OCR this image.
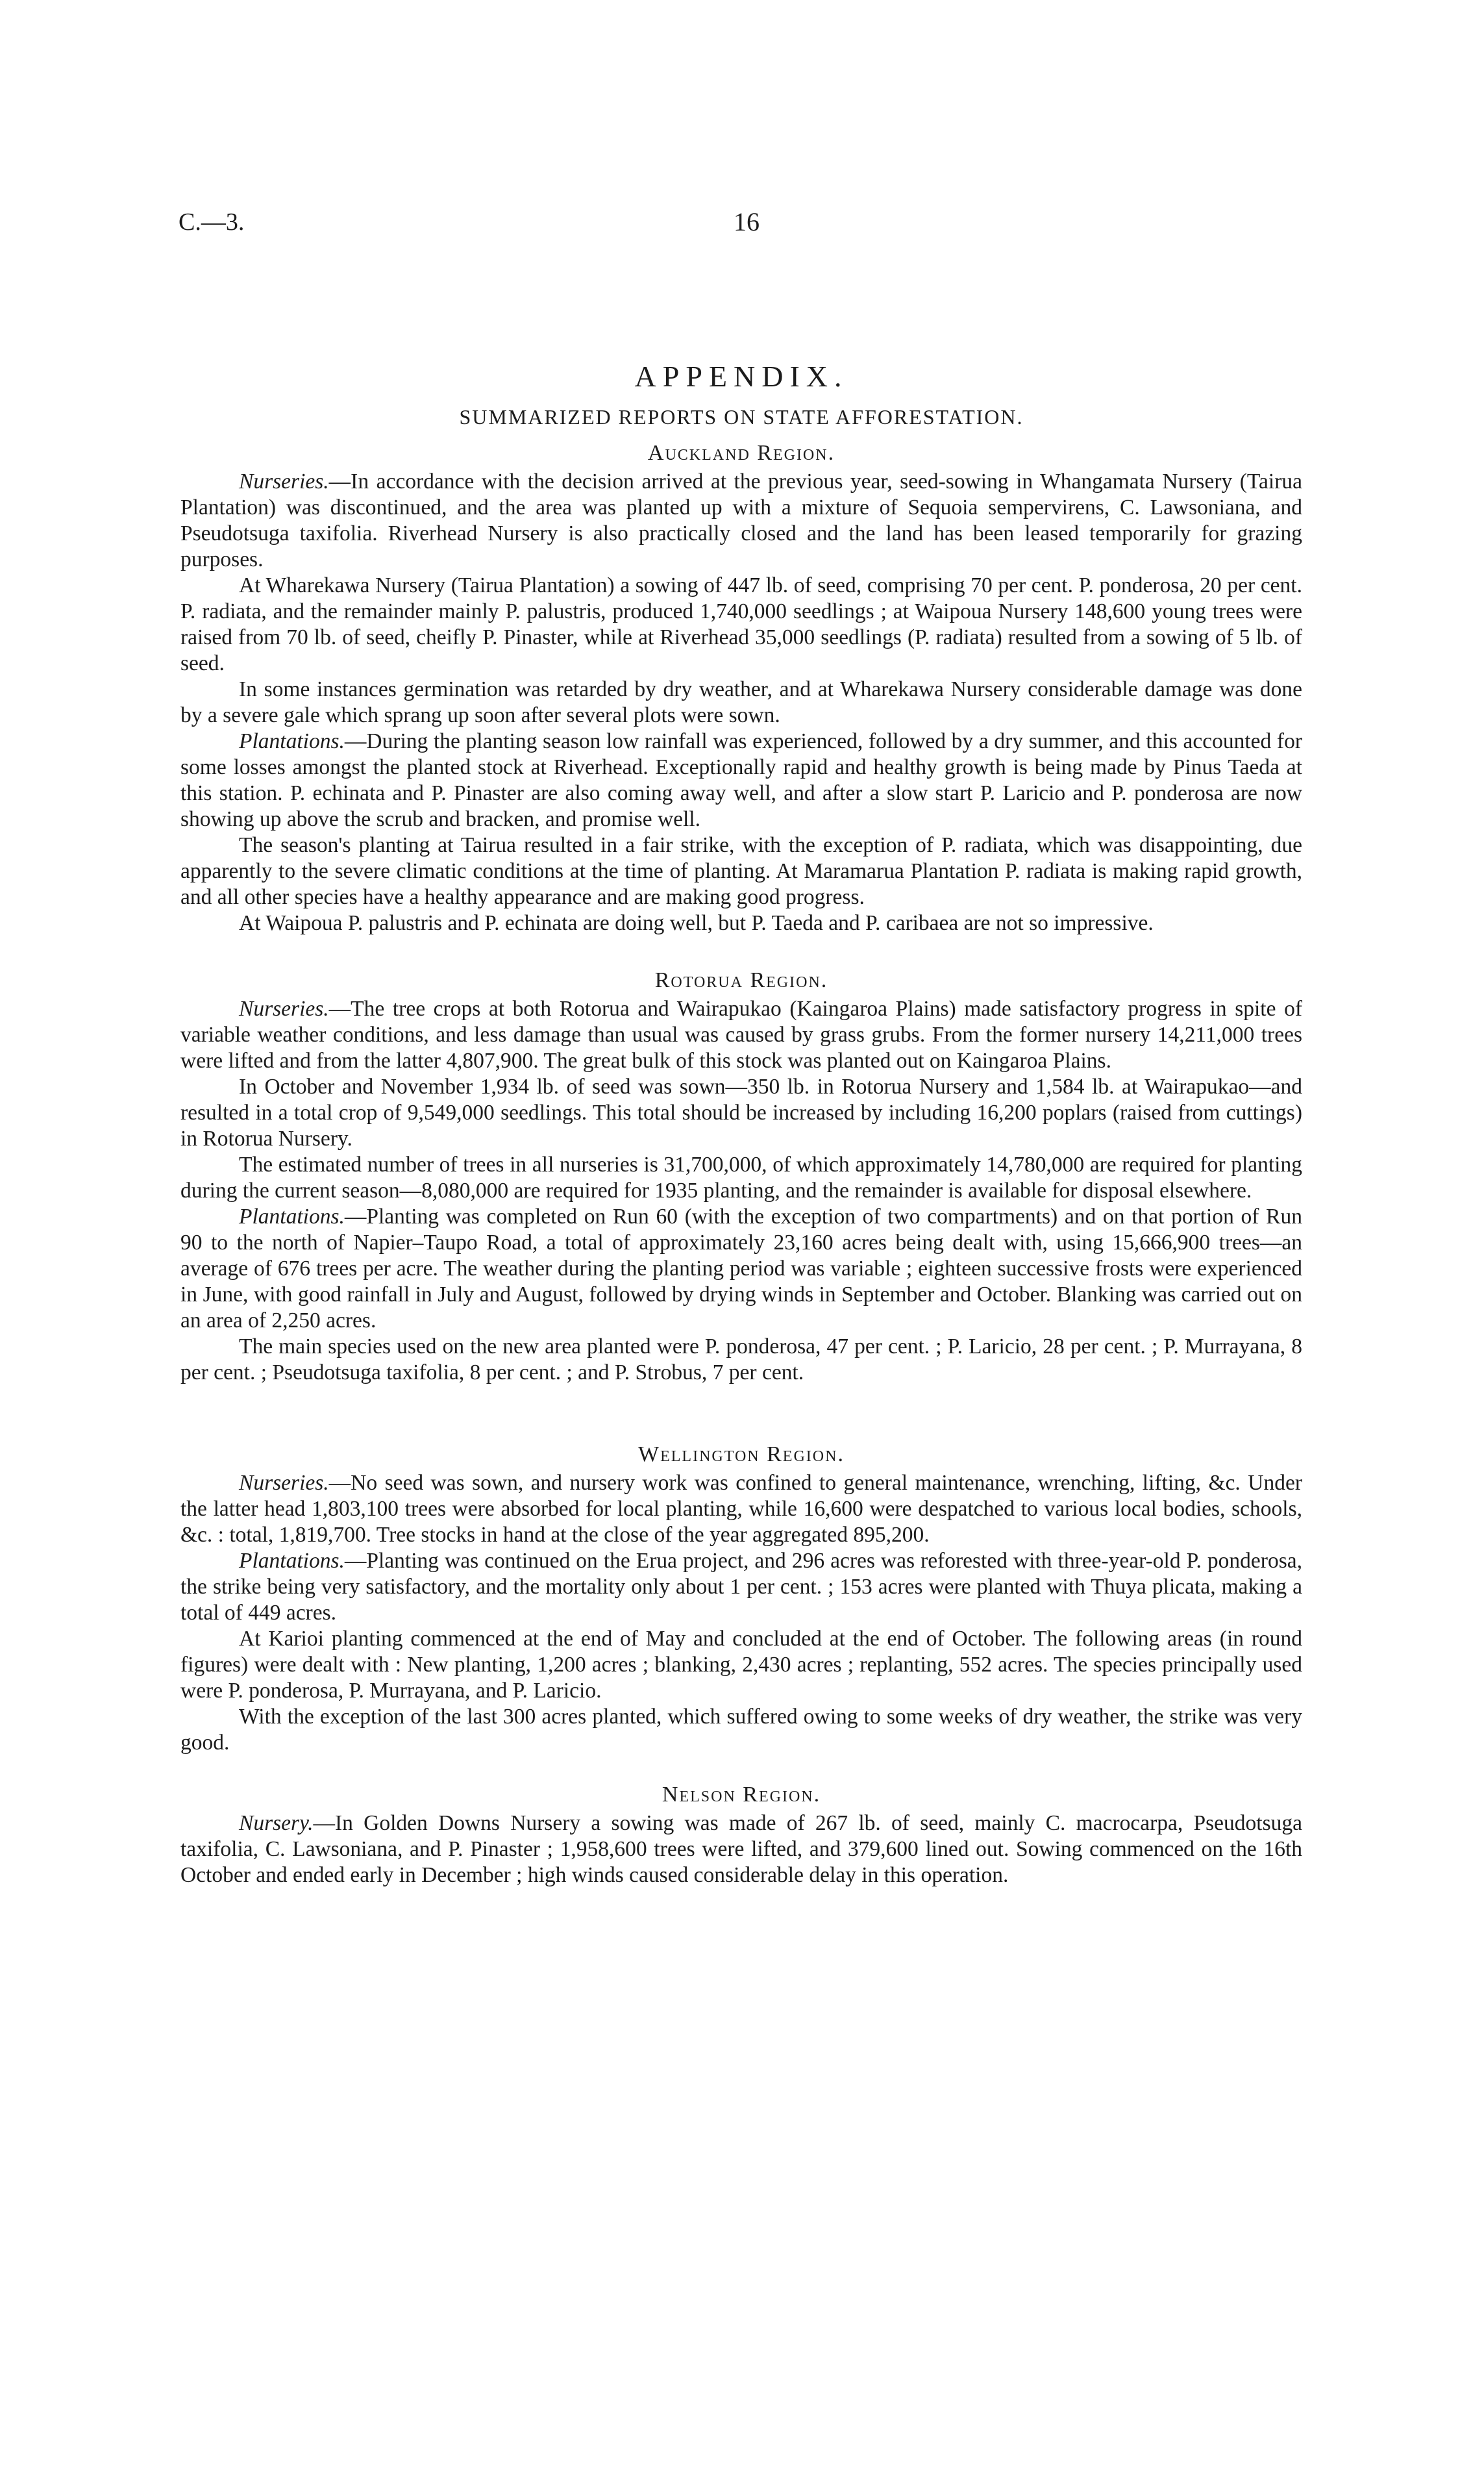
C.—3.	16
APPENDIX.
SUMMARIZED REPORTS ON STATE AFFORESTATION.
Auckland Region.

Nurseries.—In accordance with the decision arrived at the previous year, seed-sowing in Whangamata Nursery (Tairua Plantation) was discontinued, and the area was planted up with a mixture of Sequoia sempervirens, C. Lawsoniana, and Pseudotsuga taxifolia. Riverhead Nursery is also practically closed and the land has been leased temporarily for grazing purposes.

At Wharekawa Nursery (Tairua Plantation) a sowing of 447 lb. of seed, comprising 70 per cent. P. ponderosa, 20 per cent. P. radiata, and the remainder mainly P. palustris, produced 1,740,000 seedlings ; at Waipoua Nursery 148,600 young trees were raised from 70 lb. of seed, cheifly P. Pinaster, while at Riverhead 35,000 seedlings (P. radiata) resulted from a sowing of 5 lb. of seed.

In some instances germination was retarded by dry weather, and at Wharekawa Nursery considerable damage was done by a severe gale which sprang up soon after several plots were sown.

Plantations.—During the planting season low rainfall was experienced, followed by a dry summer, and this accounted for some losses amongst the planted stock at Riverhead. Exceptionally rapid and healthy growth is being made by Pinus Taeda at this station. P. echinata and P. Pinaster are also coming away well, and after a slow start P. Laricio and P. ponderosa are now showing up above the scrub and bracken, and promise well.

The season's planting at Tairua resulted in a fair strike, with the exception of P. radiata, which was disappointing, due apparently to the severe climatic conditions at the time of planting. At Maramarua Plantation P. radiata is making rapid growth, and all other species have a healthy appearance and are making good progress.

At Waipoua P. palustris and P. echinata are doing well, but P. Taeda and P. caribaea are not so impressive.

Rotorua Region.

Nurseries.—The tree crops at both Rotorua and Wairapukao (Kaingaroa Plains) made satisfactory progress in spite of variable weather conditions, and less damage than usual was caused by grass grubs. From the former nursery 14,211,000 trees were lifted and from the latter 4,807,900. The great bulk of this stock was planted out on Kaingaroa Plains.

In October and November 1,934 lb. of seed was sown—350 lb. in Rotorua Nursery and 1,584 lb. at Wairapukao—and resulted in a total crop of 9,549,000 seedlings. This total should be increased by including 16,200 poplars (raised from cuttings) in Rotorua Nursery.

The estimated number of trees in all nurseries is 31,700,000, of which approximately 14,780,000 are required for planting during the current season—8,080,000 are required for 1935 planting, and the remainder is available for disposal elsewhere.

Plantations.—Planting was completed on Run 60 (with the exception of two compartments) and on that portion of Run 90 to the north of Napier–Taupo Road, a total of approximately 23,160 acres being dealt with, using 15,666,900 trees—an average of 676 trees per acre. The weather during the planting period was variable ; eighteen successive frosts were experienced in June, with good rainfall in July and August, followed by drying winds in September and October. Blanking was carried out on an area of 2,250 acres.

The main species used on the new area planted were P. ponderosa, 47 per cent. ; P. Laricio, 28 per cent. ; P. Murrayana, 8 per cent. ; Pseudotsuga taxifolia, 8 per cent. ; and P. Strobus, 7 per cent.

Wellington Region.

Nurseries.—No seed was sown, and nursery work was confined to general maintenance, wrenching, lifting, &c. Under the latter head 1,803,100 trees were absorbed for local planting, while 16,600 were despatched to various local bodies, schools, &c. : total, 1,819,700. Tree stocks in hand at the close of the year aggregated 895,200.

Plantations.—Planting was continued on the Erua project, and 296 acres was reforested with three-year-old P. ponderosa, the strike being very satisfactory, and the mortality only about 1 per cent. ; 153 acres were planted with Thuya plicata, making a total of 449 acres.

At Karioi planting commenced at the end of May and concluded at the end of October. The following areas (in round figures) were dealt with : New planting, 1,200 acres ; blanking, 2,430 acres ; replanting, 552 acres. The species principally used were P. ponderosa, P. Murrayana, and P. Laricio.

With the exception of the last 300 acres planted, which suffered owing to some weeks of dry weather, the strike was very good.

Nelson Region.

Nursery.—In Golden Downs Nursery a sowing was made of 267 lb. of seed, mainly C. macrocarpa, Pseudotsuga taxifolia, C. Lawsoniana, and P. Pinaster ; 1,958,600 trees were lifted, and 379,600 lined out. Sowing commenced on the 16th October and ended early in December ; high winds caused considerable delay in this operation.
